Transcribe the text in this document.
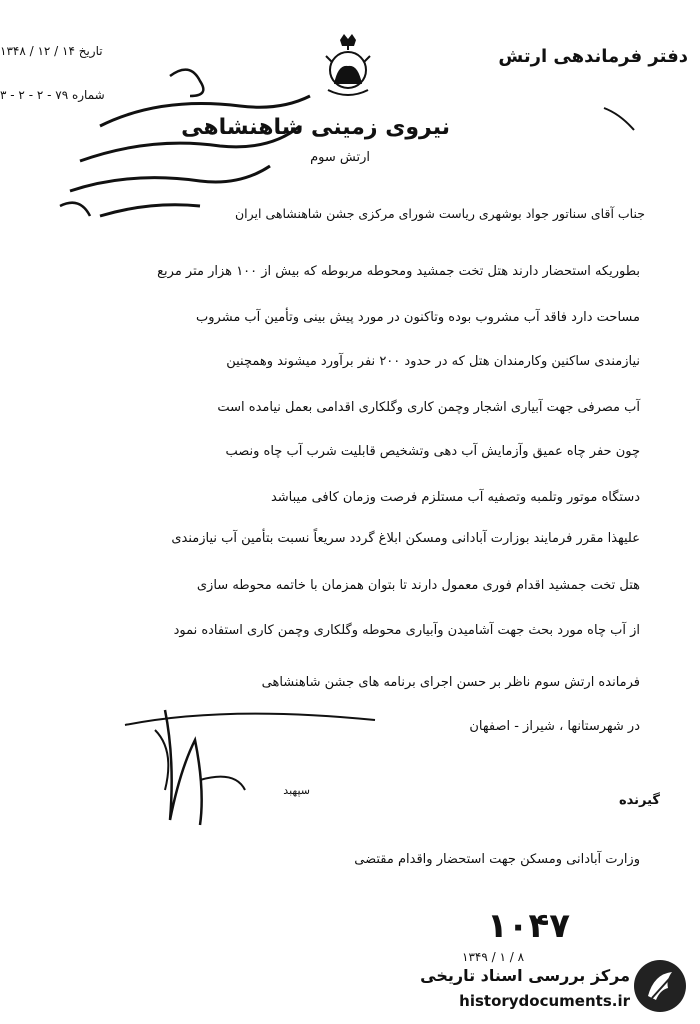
دفتر فرماندهی ارتش
تاریخ ۱۴ / ۱۲ / ۱۳۴۸
شماره ۷۹ - ۲ - ۲ - ۳
نیروی زمینی شاهنشاهی
ارتش سوم
جناب آقای سناتور جواد بوشهری ریاست شورای مرکزی جشن شاهنشاهی ایران
بطوریکه استحضار دارند هتل تخت جمشید ومحوطه مربوطه که بیش از ۱۰۰ هزار متر مربع
مساحت دارد فاقد آب مشروب بوده وتاکنون در مورد پیش بینی وتأمین آب مشروب
نیازمندی ساکنین وکارمندان هتل که در حدود ۲۰۰ نفر برآورد میشوند وهمچنین
آب مصرفی جهت آبیاری اشجار وچمن کاری وگلکاری اقدامی بعمل نیامده است
چون حفر چاه عمیق وآزمایش آب دهی وتشخیص قابلیت شرب آب چاه ونصب
دستگاه موتور وتلمبه وتصفیه آب مستلزم فرصت وزمان کافی میباشد
علیهذا مقرر فرمایند بوزارت آبادانی ومسکن ابلاغ گردد سریعاً نسبت بتأمین آب نیازمندی
هتل تخت جمشید اقدام فوری معمول دارند تا بتوان همزمان با خاتمه محوطه سازی
از آب چاه مورد بحث جهت آشامیدن وآبیاری محوطه وگلکاری وچمن کاری استفاده نمود
فرمانده ارتش سوم ناظر بر حسن اجرای برنامه های جشن شاهنشاهی
در شهرستانها ، شیراز - اصفهان
سپهبد
گیرنده
وزارت آبادانی ومسکن جهت استحضار واقدام مقتضی
۱۰۴۷
۱۳۴۹ / ۱ / ۸
مرکز بررسی اسناد تاریخی
historydocuments.ir
